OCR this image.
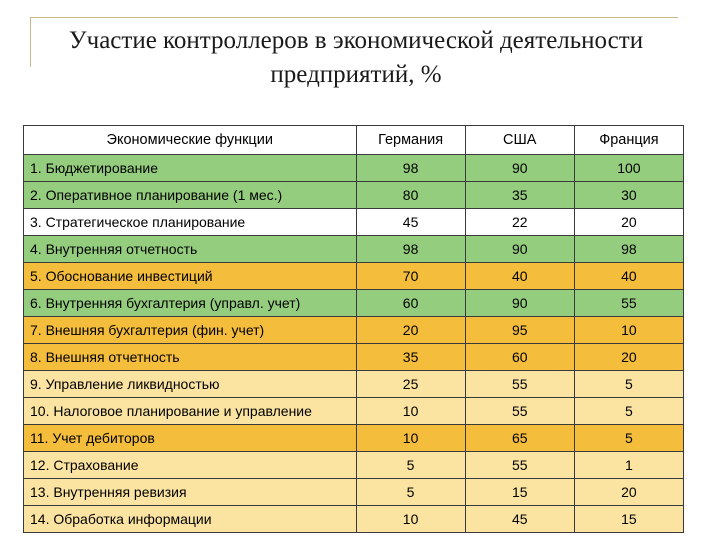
Участие контроллеров в экономической деятельности
предприятий, %
Экономические функции	Германия	США	Франция
1. Бюджетирование	98	90	100
2. Оперативное планирование (1 мес.)	80	35	30
3. Стратегическое планирование	45	22	20
4. Внутренняя отчетность	98	90	98
5. Обоснование инвестиций	70	40	40
6. Внутренняя бухгалтерия (управл. учет)	60	90	55
7. Внешняя бухгалтерия (фин. учет)	20	95	10
8. Внешняя отчетность	35	60	20
9. Управление ликвидностью	25	55	5
10. Налоговое планирование и управление	10	55	5
11. Учет дебиторов	10	65	5
12. Страхование	5	55	1
13. Внутренняя ревизия	5	15	20
14. Обработка информации	10	45	15
